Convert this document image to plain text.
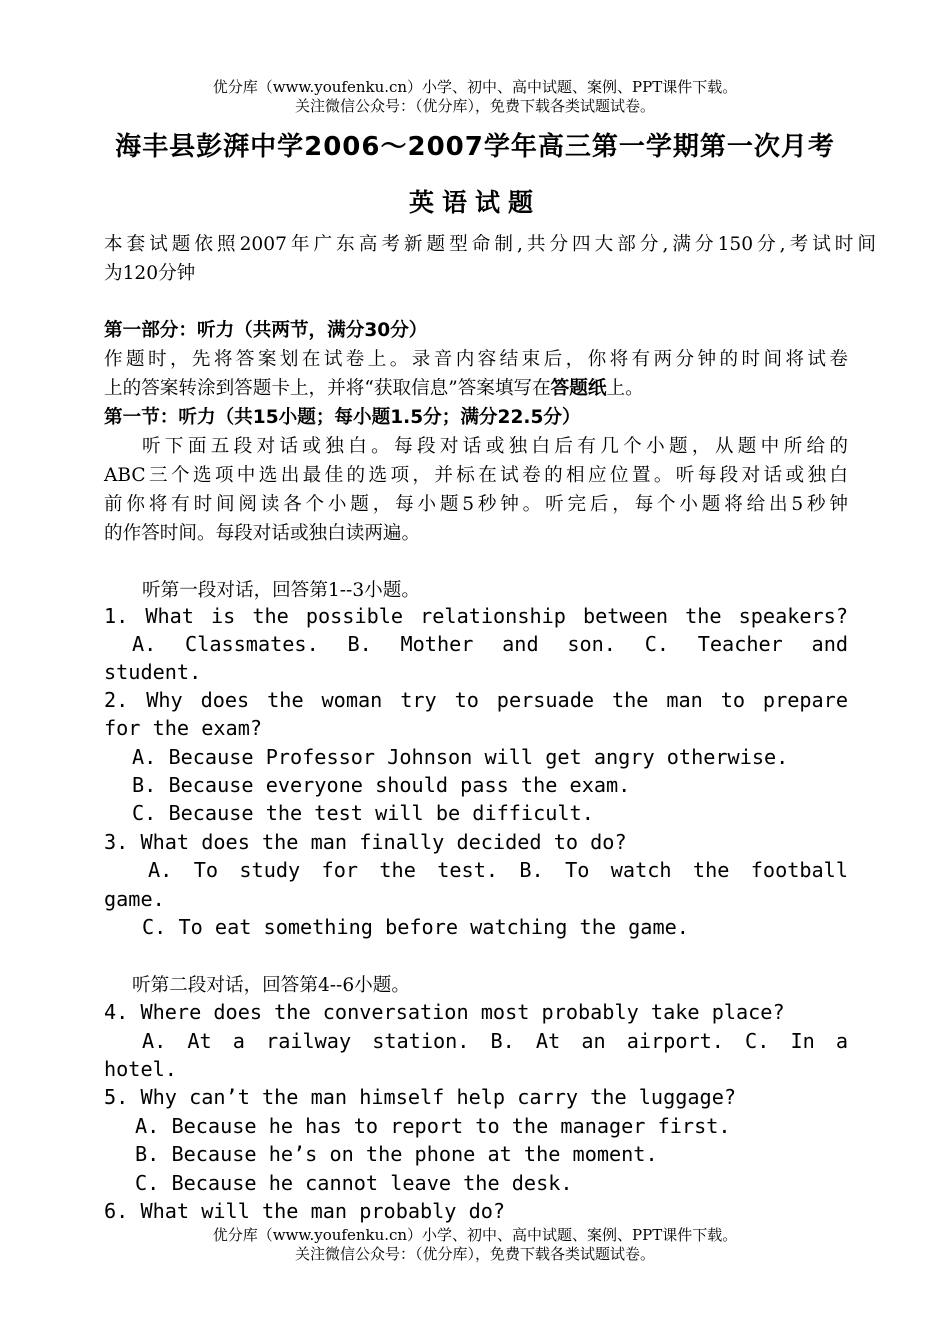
优分库（www.youfenku.cn）小学、初中、高中试题、案例、PPT课件下载。
关注微信公众号：（优分库），免费下载各类试题试卷。
海丰县彭湃中学2006～2007学年高三第一学期第一次月考
英语试题
本套试题依照2007年广东高考新题型命制,共分四大部分,满分150分,考试时间
为120分钟
第一部分：听力（共两节，满分30分）
作题时，先将答案划在试卷上。录音内容结束后，你将有两分钟的时间将试卷
上的答案转涂到答题卡上，并将“获取信息”答案填写在答题纸上。
第一节：听力（共15小题；每小题1.5分；满分22.5分）
听下面五段对话或独白。每段对话或独白后有几个小题，从题中所给的
ABC三个选项中选出最佳的选项，并标在试卷的相应位置。听每段对话或独白
前你将有时间阅读各个小题，每小题5秒钟。听完后，每个小题将给出5秒钟
的作答时间。每段对话或独白读两遍。
听第一段对话，回答第1--3小题。
1. What is the possible relationship between the speakers?
A. Classmates. B. Mother and son. C. Teacher and
student.
2. Why does the woman try to persuade the man to prepare
for the exam?
A. Because Professor Johnson will get angry otherwise.
B. Because everyone should pass the exam.
C. Because the test will be difficult.
3. What does the man finally decided to do?
A. To study for the test. B. To watch the football
game.
C. To eat something before watching the game.
听第二段对话，回答第4--6小题。
4. Where does the conversation most probably take place?
A. At a railway station. B. At an airport. C. In a
hotel.
5. Why can’t the man himself help carry the luggage?
A. Because he has to report to the manager first.
B. Because he’s on the phone at the moment.
C. Because he cannot leave the desk.
6. What will the man probably do?
优分库（www.youfenku.cn）小学、初中、高中试题、案例、PPT课件下载。
关注微信公众号：（优分库），免费下载各类试题试卷。
